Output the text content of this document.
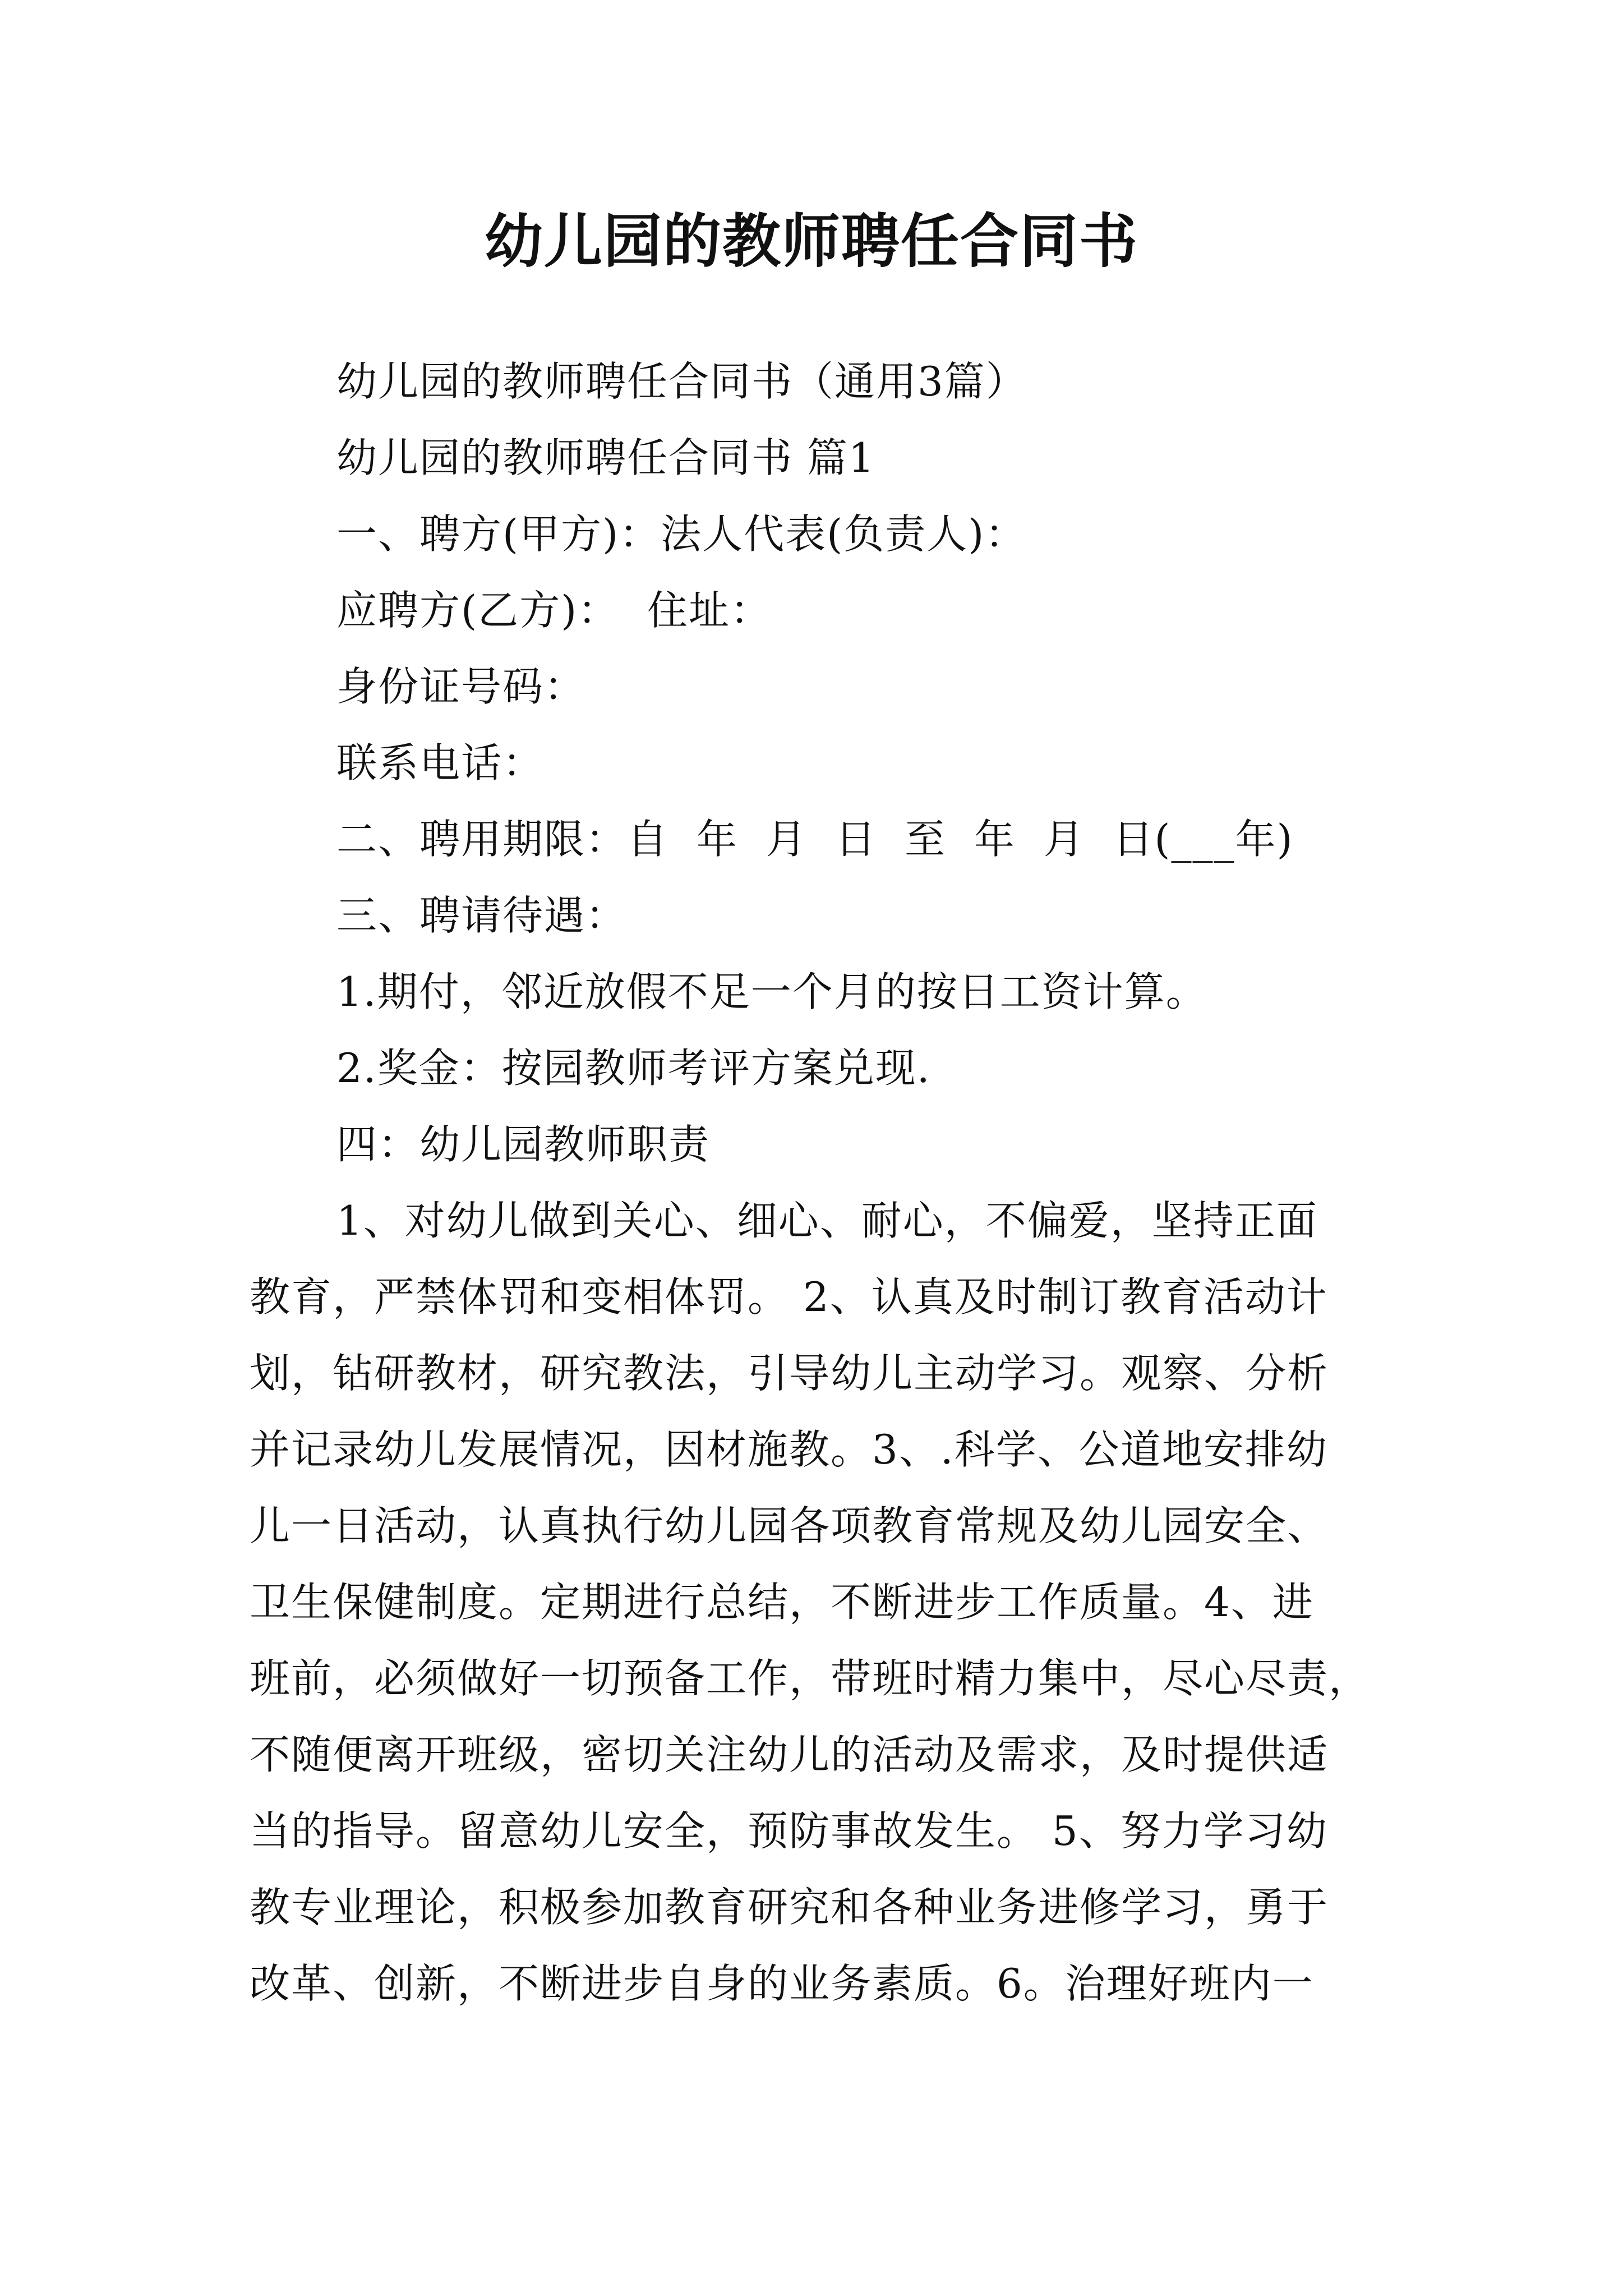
幼儿园的教师聘任合同书

幼儿园的教师聘任合同书（通用3篇）

幼儿园的教师聘任合同书 篇1

一、聘方(甲方)：法人代表(负责人)：

应聘方(乙方)：  住址：

身份证号码：

联系电话：

二、聘用期限：自  年  月  日  至  年  月  日(___年)

三、聘请待遇：

1.期付，邻近放假不足一个月的按日工资计算。

2.奖金：按园教师考评方案兑现.

四：幼儿园教师职责

1、对幼儿做到关心、细心、耐心，不偏爱，坚持正面

教育，严禁体罚和变相体罚。 2、认真及时制订教育活动计

划，钻研教材，研究教法，引导幼儿主动学习。观察、分析

并记录幼儿发展情况，因材施教。3、.科学、公道地安排幼

儿一日活动，认真执行幼儿园各项教育常规及幼儿园安全、

卫生保健制度。定期进行总结，不断进步工作质量。4、进

班前，必须做好一切预备工作，带班时精力集中，尽心尽责，

不随便离开班级，密切关注幼儿的活动及需求，及时提供适

当的指导。留意幼儿安全，预防事故发生。 5、努力学习幼

教专业理论，积极参加教育研究和各种业务进修学习，勇于

改革、创新，不断进步自身的业务素质。6。治理好班内一
